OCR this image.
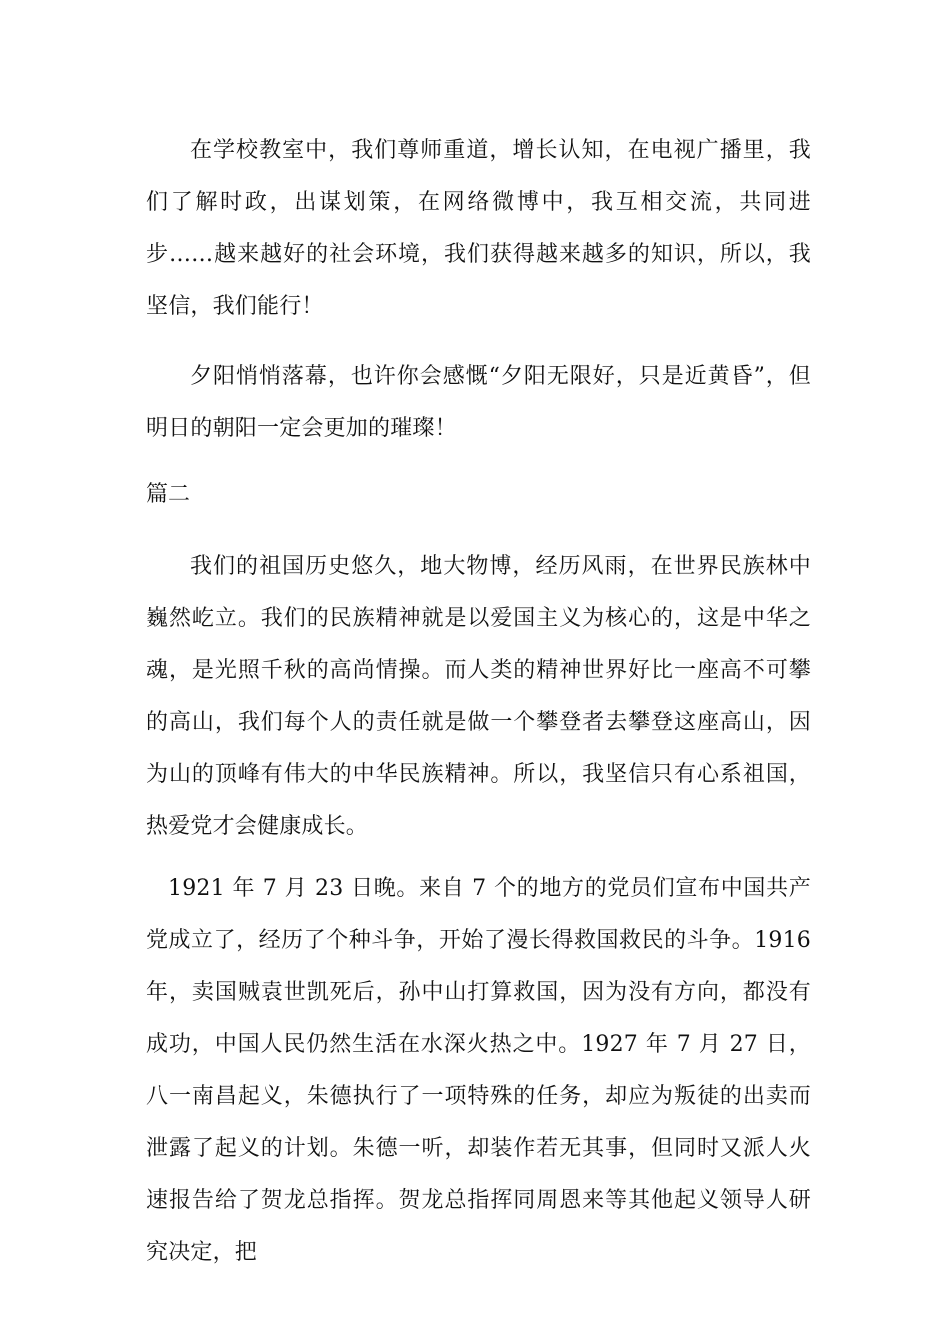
在学校教室中，我们尊师重道，增长认知，在电视广播里，我们了解时政，出谋划策，在网络微博中，我互相交流，共同进步……越来越好的社会环境，我们获得越来越多的知识，所以，我坚信，我们能行！

夕阳悄悄落幕，也许你会感慨“夕阳无限好，只是近黄昏”，但明日的朝阳一定会更加的璀璨！

篇二

我们的祖国历史悠久，地大物博，经历风雨，在世界民族林中巍然屹立。我们的民族精神就是以爱国主义为核心的，这是中华之魂，是光照千秋的高尚情操。而人类的精神世界好比一座高不可攀的高山，我们每个人的责任就是做一个攀登者去攀登这座高山，因为山的顶峰有伟大的中华民族精神。所以，我坚信只有心系祖国，热爱党才会健康成长。

1921 年 7 月 23 日晚。来自 7 个的地方的党员们宣布中国共产党成立了，经历了个种斗争，开始了漫长得救国救民的斗争。1916 年，卖国贼袁世凯死后，孙中山打算救国，因为没有方向，都没有成功，中国人民仍然生活在水深火热之中。1927 年 7 月 27 日，八一南昌起义，朱德执行了一项特殊的任务，却应为叛徒的出卖而泄露了起义的计划。朱德一听，却装作若无其事，但同时又派人火速报告给了贺龙总指挥。贺龙总指挥同周恩来等其他起义领导人研究决定，把
